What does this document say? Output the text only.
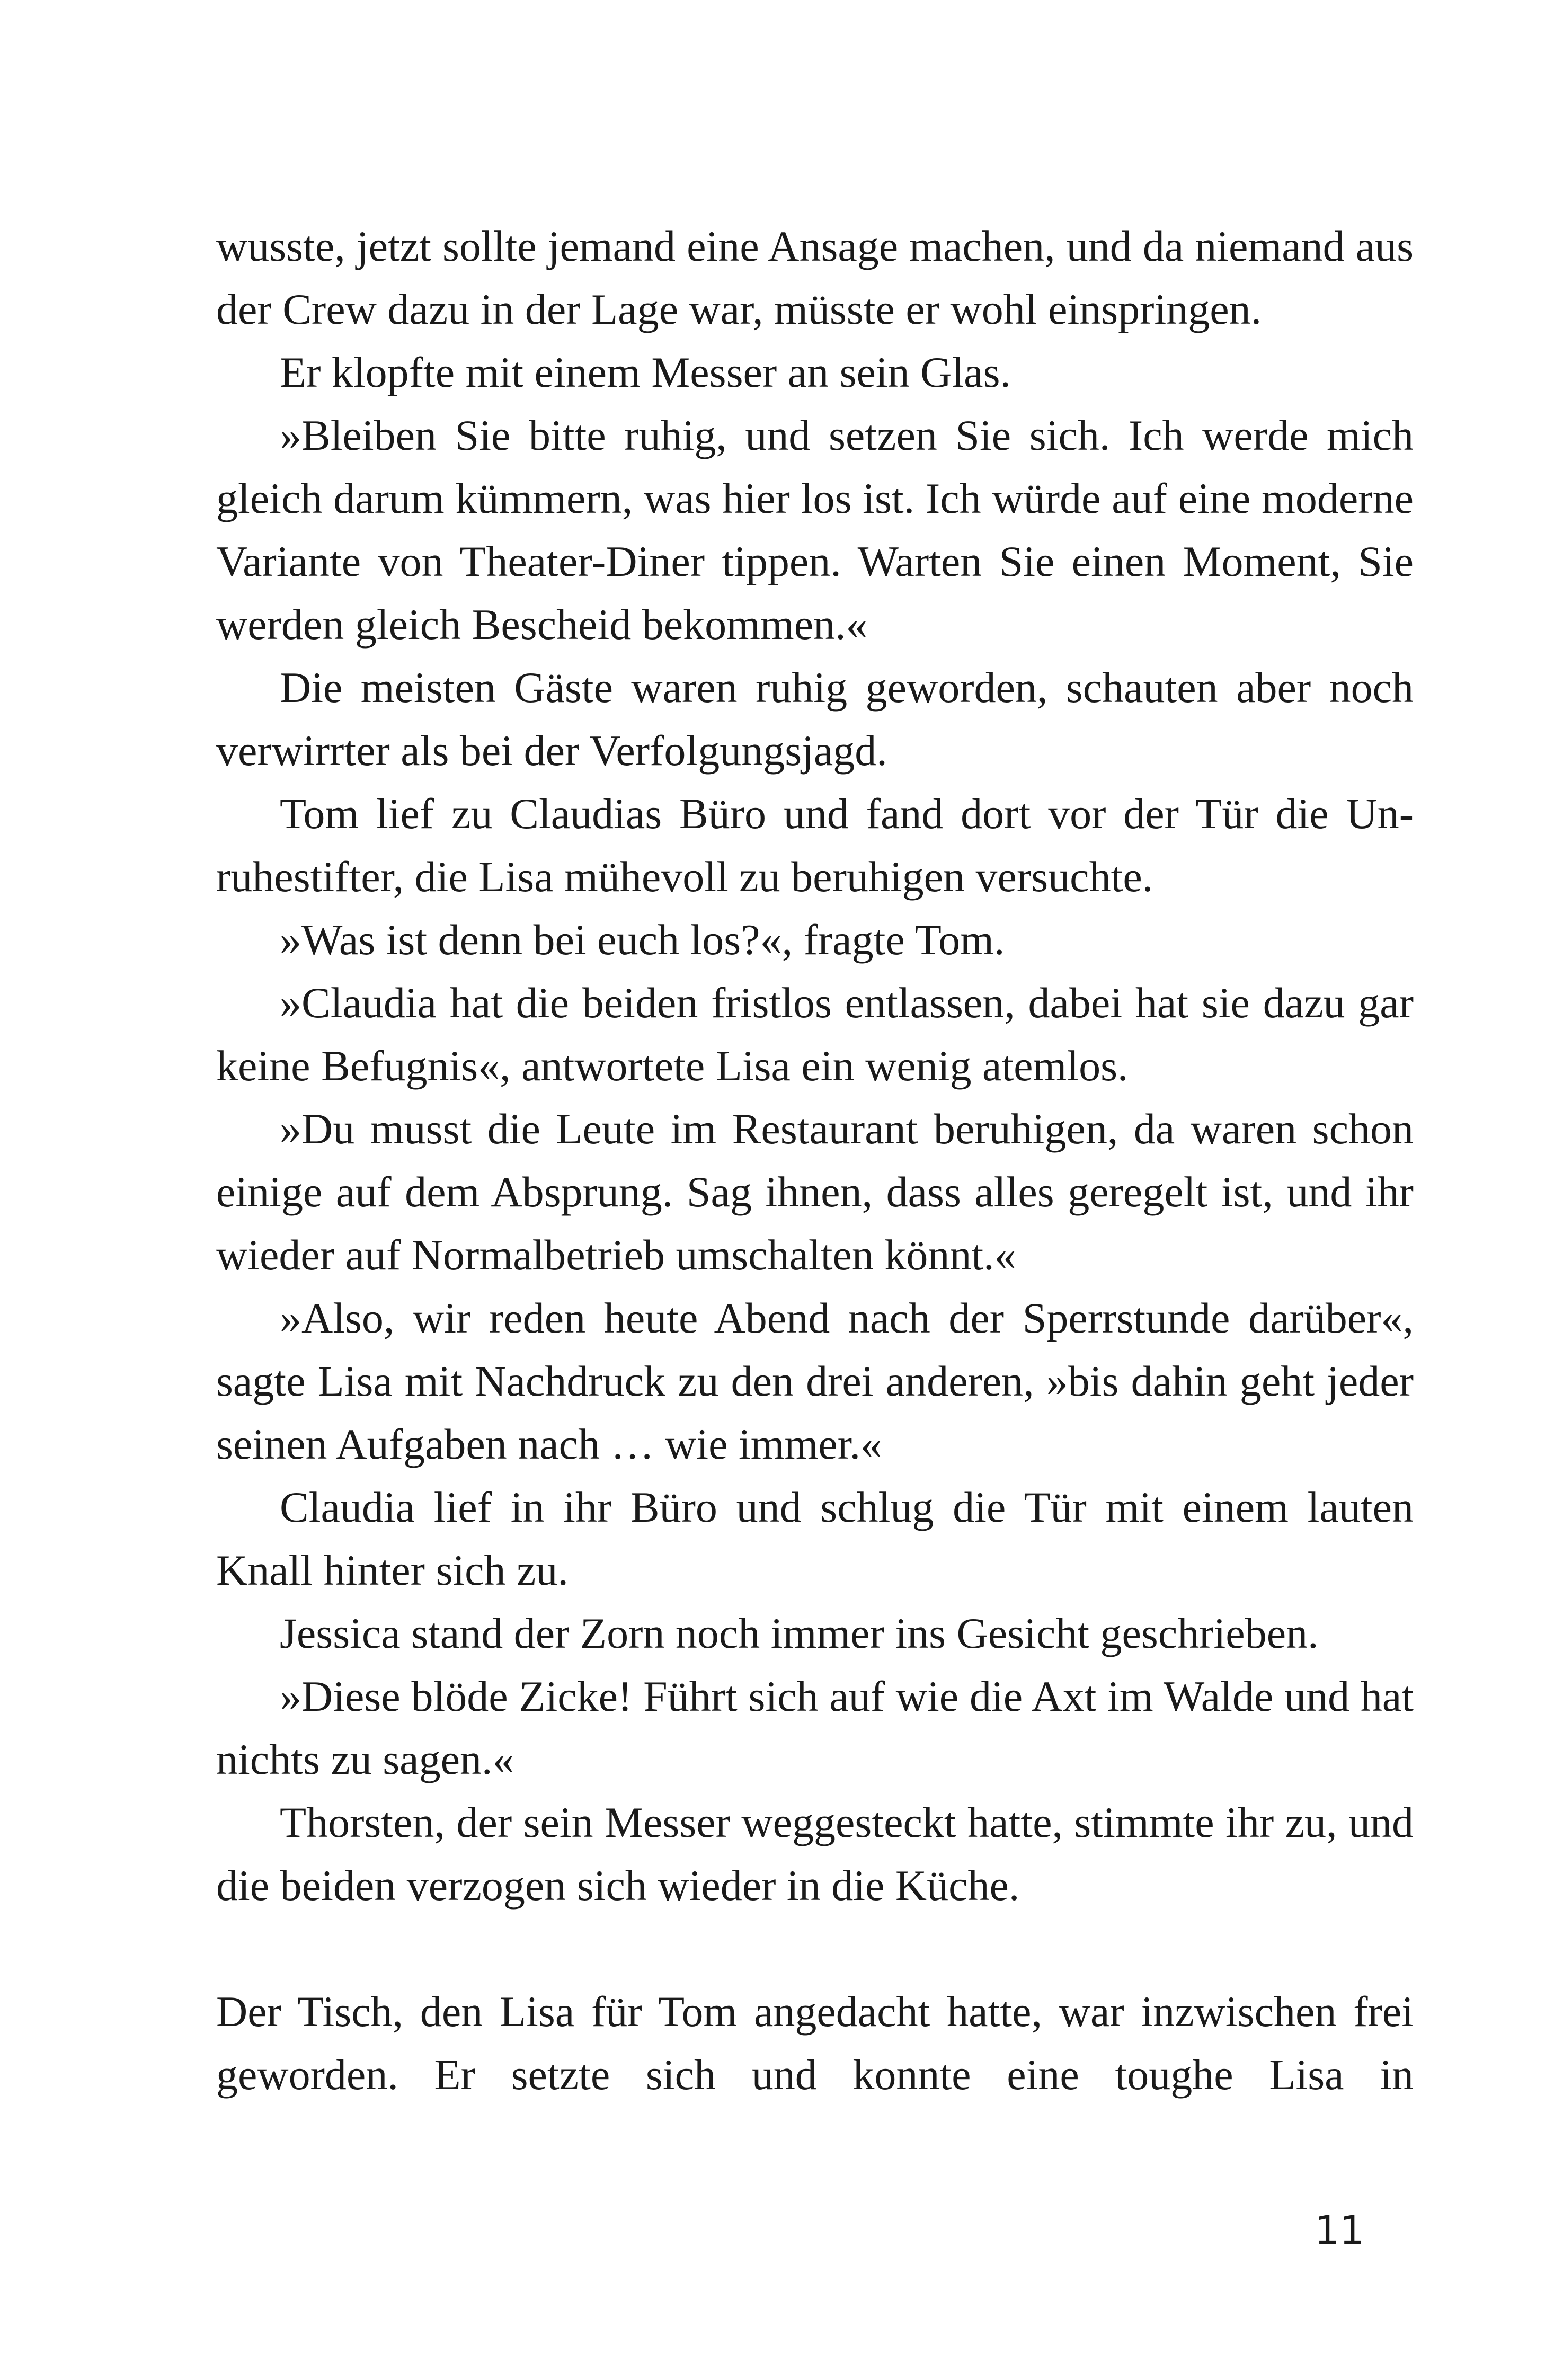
wusste, jetzt sollte jemand eine Ansage machen, und da niemand aus der Crew dazu in der Lage war, müsste er wohl einspringen.

Er klopfte mit einem Messer an sein Glas.

»Bleiben Sie bitte ruhig, und setzen Sie sich. Ich werde mich gleich darum kümmern, was hier los ist. Ich würde auf eine moderne Variante von Theater-Diner tippen. Warten Sie einen Moment, Sie werden gleich Bescheid bekommen.«

Die meisten Gäste waren ruhig geworden, schauten aber noch verwirrter als bei der Verfolgungsjagd.

Tom lief zu Claudias Büro und fand dort vor der Tür die Unruhestifter, die Lisa mühevoll zu beruhigen versuchte.

»Was ist denn bei euch los?«, fragte Tom.

»Claudia hat die beiden fristlos entlassen, dabei hat sie dazu gar keine Befugnis«, antwortete Lisa ein wenig atemlos.

»Du musst die Leute im Restaurant beruhigen, da waren schon einige auf dem Absprung. Sag ihnen, dass alles geregelt ist, und ihr wieder auf Normalbetrieb umschalten könnt.«

»Also, wir reden heute Abend nach der Sperrstunde darüber«, sagte Lisa mit Nachdruck zu den drei anderen, »bis dahin geht jeder seinen Aufgaben nach … wie immer.«

Claudia lief in ihr Büro und schlug die Tür mit einem lauten Knall hinter sich zu.

Jessica stand der Zorn noch immer ins Gesicht geschrieben.

»Diese blöde Zicke! Führt sich auf wie die Axt im Walde und hat nichts zu sagen.«

Thorsten, der sein Messer weggesteckt hatte, stimmte ihr zu, und die beiden verzogen sich wieder in die Küche.

Der Tisch, den Lisa für Tom angedacht hatte, war inzwischen frei geworden. Er setzte sich und konnte eine toughe Lisa in

11
